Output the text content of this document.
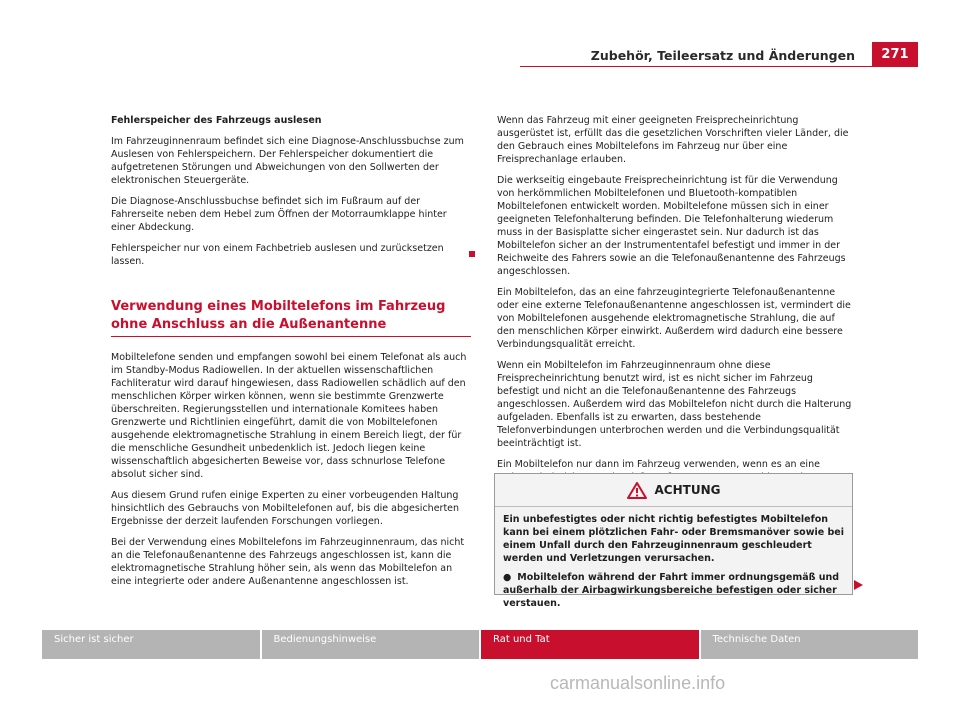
Zubehör, Teileersatz und Änderungen	271

Fehlerspeicher des Fahrzeugs auslesen

Im Fahrzeuginnenraum befindet sich eine Diagnose-Anschlussbuchse zum Auslesen von Fehlerspeichern. Der Fehlerspeicher dokumentiert die aufgetretenen Störungen und Abweichungen von den Sollwerten der elektronischen Steuergeräte.

Die Diagnose-Anschlussbuchse befindet sich im Fußraum auf der Fahrerseite neben dem Hebel zum Öffnen der Motorraumklappe hinter einer Abdeckung.

Fehlerspeicher nur von einem Fachbetrieb auslesen und zurücksetzen lassen.

Verwendung eines Mobiltelefons im Fahrzeug ohne Anschluss an die Außenantenne

Mobiltelefone senden und empfangen sowohl bei einem Telefonat als auch im Standby-Modus Radiowellen. In der aktuellen wissenschaftlichen Fachliteratur wird darauf hingewiesen, dass Radiowellen schädlich auf den menschlichen Körper wirken können, wenn sie bestimmte Grenzwerte überschreiten. Regierungsstellen und internationale Komitees haben Grenzwerte und Richtlinien eingeführt, damit die von Mobiltelefonen ausgehende elektromagnetische Strahlung in einem Bereich liegt, der für die menschliche Gesundheit unbedenklich ist. Jedoch liegen keine wissenschaftlich abgesicherten Beweise vor, dass schnurlose Telefone absolut sicher sind.

Aus diesem Grund rufen einige Experten zu einer vorbeugenden Haltung hinsichtlich des Gebrauchs von Mobiltelefonen auf, bis die abgesicherten Ergebnisse der derzeit laufenden Forschungen vorliegen.

Bei der Verwendung eines Mobiltelefons im Fahrzeuginnenraum, das nicht an die Telefonaußenantenne des Fahrzeugs angeschlossen ist, kann die elektromagnetische Strahlung höher sein, als wenn das Mobiltelefon an eine integrierte oder andere Außenantenne angeschlossen ist.

Wenn das Fahrzeug mit einer geeigneten Freisprecheinrichtung ausgerüstet ist, erfüllt das die gesetzlichen Vorschriften vieler Länder, die den Gebrauch eines Mobiltelefons im Fahrzeug nur über eine Freisprechanlage erlauben.

Die werkseitig eingebaute Freisprecheinrichtung ist für die Verwendung von herkömmlichen Mobiltelefonen und Bluetooth-kompatiblen Mobiltelefonen entwickelt worden. Mobiltelefone müssen sich in einer geeigneten Telefonhalterung befinden. Die Telefonhalterung wiederum muss in der Basisplatte sicher eingerastet sein. Nur dadurch ist das Mobiltelefon sicher an der Instrumententafel befestigt und immer in der Reichweite des Fahrers sowie an die Telefonaußenantenne des Fahrzeugs angeschlossen.

Ein Mobiltelefon, das an eine fahrzeugintegrierte Telefonaußenantenne oder eine externe Telefonaußenantenne angeschlossen ist, vermindert die von Mobiltelefonen ausgehende elektromagnetische Strahlung, die auf den menschlichen Körper einwirkt. Außerdem wird dadurch eine bessere Verbindungsqualität erreicht.

Wenn ein Mobiltelefon im Fahrzeuginnenraum ohne diese Freisprecheinrichtung benutzt wird, ist es nicht sicher im Fahrzeug befestigt und nicht an die Telefonaußenantenne des Fahrzeugs angeschlossen. Außerdem wird das Mobiltelefon nicht durch die Halterung aufgeladen. Ebenfalls ist zu erwarten, dass bestehende Telefonverbindungen unterbrochen werden und die Verbindungsqualität beeinträchtigt ist.

Ein Mobiltelefon nur dann im Fahrzeug verwenden, wenn es an eine

ACHTUNG

Ein unbefestigtes oder nicht richtig befestigtes Mobiltelefon kann bei einem plötzlichen Fahr- oder Bremsmanöver sowie bei einem Unfall durch den Fahrzeuginnenraum geschleudert werden und Verletzungen verursachen.

● Mobiltelefon während der Fahrt immer ordnungsgemäß und außerhalb der Airbagwirkungsbereiche befestigen oder sicher verstauen.

Sicher ist sicher	Bedienungshinweise	Rat und Tat	Technische Daten
carmanualsonline.info
